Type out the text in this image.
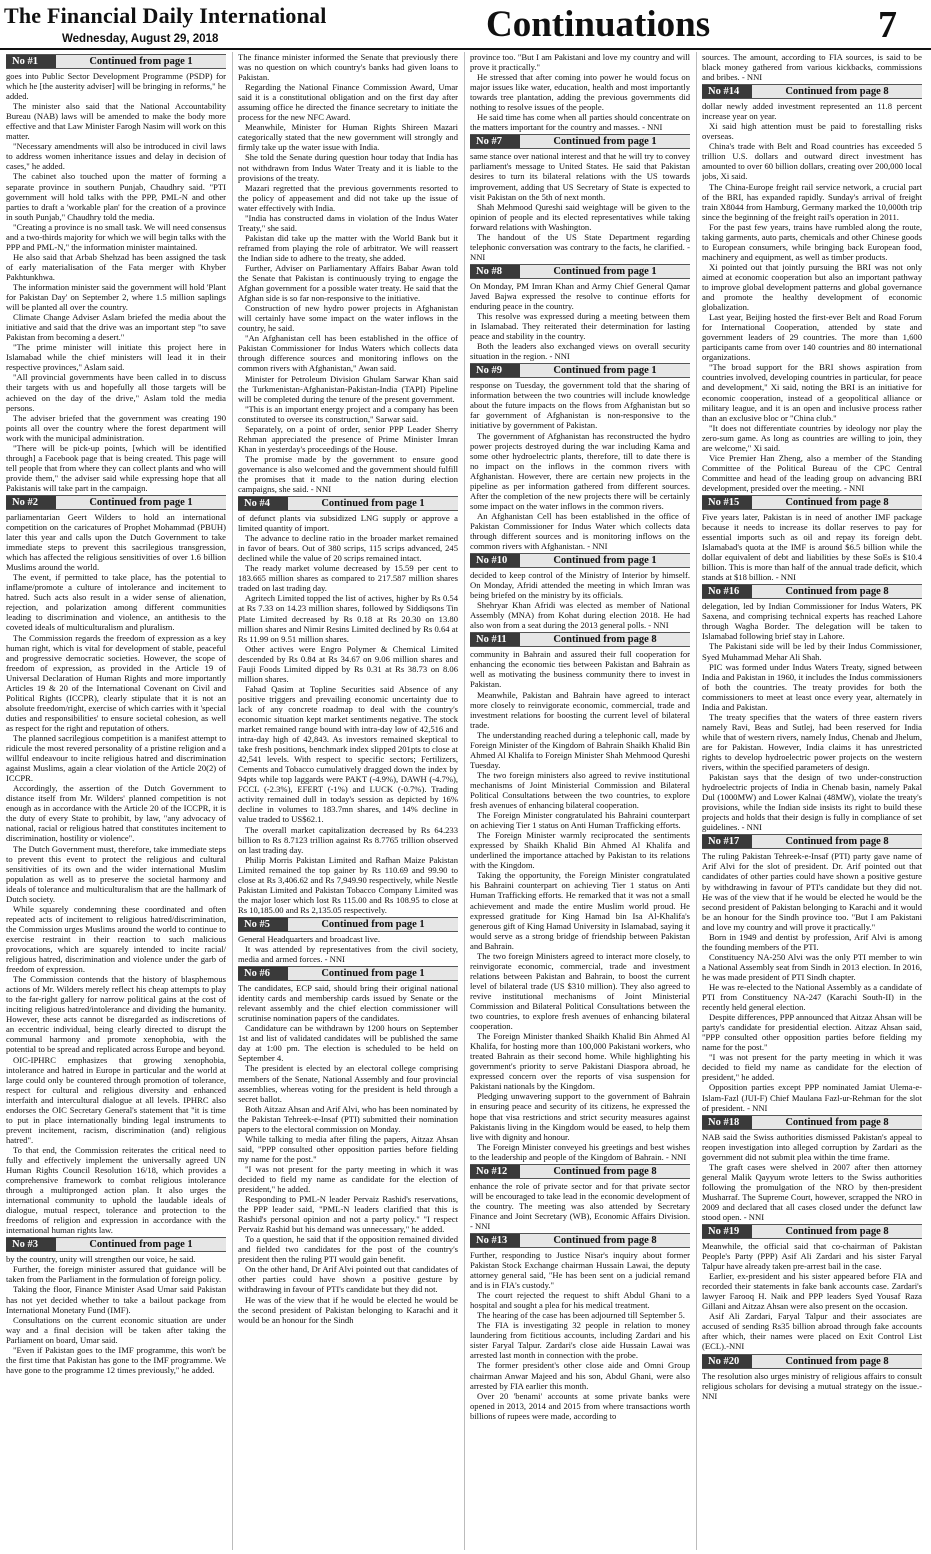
The Financial Daily International
Wednesday, August 29, 2018	Continuations	7
No #1	Continued from page 1

goes into Public Sector Development Programme (PSDP) for which he [the austerity adviser] will be bringing in reforms," he added.

The minister also said that the National Accountability Bureau (NAB) laws will be amended to make the body more effective and that Law Minister Farogh Nasim will work on this matter.

"Necessary amendments will also be introduced in civil laws to address women inheritance issues and delay in decision of cases," he added.

The cabinet also touched upon the matter of forming a separate province in southern Punjab, Chaudhry said. "PTI government will hold talks with the PPP, PML-N and other parties to draft a 'workable plan' for the creation of a province in south Punjab," Chaudhry told the media.

"Creating a province is no small task. We will need consensus and a two-thirds majority for which we will begin talks with the PPP and PML-N," the information minister maintained.

He also said that Arbab Shehzad has been assigned the task of early materialisation of the Fata merger with Khyber Pakhtunkhwa.

The information minister said the government will hold 'Plant for Pakistan Day' on September 2, where 1.5 million saplings will be planted all over the country.

Climate Change Adviser Aslam briefed the media about the initiative and said that the drive was an important step "to save Pakistan from becoming a desert."

"The prime minister will initiate this project here in Islamabad while the chief ministers will lead it in their respective provinces," Aslam said.

"All provincial governments have been called in to discuss their targets with us and hopefully all those targets will be achieved on the day of the drive," Aslam told the media persons.

The adviser briefed that the government was creating 190 points all over the country where the forest department will work with the municipal administration.

"There will be pick-up points, [which will be identified through] a Facebook page that is being created. This page will tell people that from where they can collect plants and who will provide them," the adviser said while expressing hope that all Pakistanis will take part in the campaign.

No #2	Continued from page 1

parliamentarian Geert Wilders to hold an international competition on the caricatures of Prophet Mohammad (PBUH) later this year and calls upon the Dutch Government to take immediate steps to prevent this sacrilegious transgression, which has affected the religious sensitivities of over 1.6 billion Muslims around the world.

The event, if permitted to take place, has the potential to inflame/promote a culture of intolerance and incitement to hatred. Such acts also result in a wider sense of alienation, rejection, and polarization among different communities leading to discrimination and violence, an antithesis to the coveted ideals of multiculturalism and pluralism.

The Commission regards the freedom of expression as a key human right, which is vital for development of stable, peaceful and progressive democratic societies. However, the scope of freedom of expression, as provided in the Article 19 of Universal Declaration of Human Rights and more importantly Articles 19 & 20 of the International Covenant on Civil and Political Rights (ICCPR), clearly stipulate that it is not an absolute freedom/right, exercise of which carries with it 'special duties and responsibilities' to ensure societal cohesion, as well as respect for the right and reputation of others.

The planned sacrilegious competition is a manifest attempt to ridicule the most revered personality of a pristine religion and a willful endeavour to incite religious hatred and discrimination against Muslims, again a clear violation of the Article 20(2) of ICCPR.

Accordingly, the assertion of the Dutch Government to distance itself from Mr. Wilders' planned competition is not enough as in accordance with the Article 20 of the ICCPR, it is the duty of every State to prohibit, by law, "any advocacy of national, racial or religious hatred that constitutes incitement to discrimination, hostility or violence".

The Dutch Government must, therefore, take immediate steps to prevent this event to protect the religious and cultural sensitivities of its own and the wider international Muslim population as well as to preserve the societal harmony and ideals of tolerance and multiculturalism that are the hallmark of Dutch society.

While squarely condemning these coordinated and often repeated acts of incitement to religious hatred/discrimination, the Commission urges Muslims around the world to continue to exercise restraint in their reaction to such malicious provocations, which are squarely intended to incite racial/ religious hatred, discrimination and violence under the garb of freedom of expression.

The Commission contends that the history of blasphemous actions of Mr. Wilders merely reflect his cheap attempts to play to the far-right gallery for narrow political gains at the cost of inciting religious hatred/intolerance and dividing the humanity. However, these acts cannot be disregarded as indiscretions of an eccentric individual, being clearly directed to disrupt the communal harmony and promote xenophobia, with the potential to be spread and replicated across Europe and beyond.

OIC-IPHRC emphasizes that growing xenophobia, intolerance and hatred in Europe in particular and the world at large could only be countered through promotion of tolerance, respect for cultural and religious diversity and enhanced interfaith and intercultural dialogue at all levels. IPHRC also endorses the OIC Secretary General's statement that "it is time to put in place internationally binding legal instruments to prevent incitement, racism, discrimination (and) religious hatred".

To that end, the Commission reiterates the critical need to fully and effectively implement the universally agreed UN Human Rights Council Resolution 16/18, which provides a comprehensive framework to combat religious intolerance through a multipronged action plan. It also urges the international community to uphold the laudable ideals of dialogue, mutual respect, tolerance and protection to the freedoms of religion and expression in accordance with the international human rights law.

No #3	Continued from page 1

by the country, unity will strengthen our voice, he said.

Further, the foreign minister assured that guidance will be taken from the Parliament in the formulation of foreign policy.

Taking the floor, Finance Minister Asad Umar said Pakistan has not yet decided whether to take a bailout package from International Monetary Fund (IMF).

Consultations on the current economic situation are under way and a final decision will be taken after taking the Parliament on board, Umar said.

"Even if Pakistan goes to the IMF programme, this won't be the first time that Pakistan has gone to the IMF programme. We have gone to the programme 12 times previously," he added.

The finance minister informed the Senate that previously there was no question on which country's banks had given loans to Pakistan.

Regarding the National Finance Commission Award, Umar said it is a constitutional obligation and on the first day after assuming office he directed the finance secretary to initiate the process for the new NFC Award.

Meanwhile, Minister for Human Rights Shireen Mazari categorically stated that the new government will strongly and firmly take up the water issue with India.

She told the Senate during question hour today that India has not withdrawn from Indus Water Treaty and it is liable to the provisions of the treaty.

Mazari regretted that the previous governments resorted to the policy of appeasement and did not take up the issue of water effectively with India.

"India has constructed dams in violation of the Indus Water Treaty," she said.

Pakistan did take up the matter with the World Bank but it reframed from playing the role of arbitrator. We will reassert the Indian side to adhere to the treaty, she added.

Further, Adviser on Parliamentary Affairs Babar Awan told the Senate that Pakistan is continuously trying to engage the Afghan government for a possible water treaty. He said that the Afghan side is so far non-responsive to the initiative.

Construction of new hydro power projects in Afghanistan will certainly have some impact on the water inflows in the country, he said.

"An Afghanistan cell has been established in the office of Pakistan Commissioner for Indus Waters which collects data through difference sources and monitoring inflows on the common rivers with Afghanistan," Awan said.

Minister for Petroleum Division Ghulam Sarwar Khan said the Turkmenistan-Afghanistan-Pakistan-India (TAPI) Pipeline will be completed during the tenure of the present government.

"This is an important energy project and a company has been constituted to oversee its construction," Sarwar said.

Separately, on a point of order, senior PPP Leader Sherry Rehman appreciated the presence of Prime Minister Imran Khan in yesterday's proceedings of the House.

The promise made by the government to ensure good governance is also welcomed and the government should fulfill the promises that it made to the nation during election campaigns, she said. - NNI

No #4	Continued from page 1

of defunct plants via subsidized LNG supply or approve a limited quantity of import.

The advance to decline ratio in the broader market remained in favor of bears. Out of 380 scrips, 115 scrips advanced, 245 declined while the value of 20 scrips remained intact.

The ready market volume decreased by 15.59 per cent to 183.665 million shares as compared to 217.587 million shares traded on last trading day.

Agritech Limited topped the list of actives, higher by Rs 0.54 at Rs 7.33 on 14.23 million shares, followed by Siddiqsons Tin Plate Limited decreased by Rs 0.18 at Rs 20.30 on 13.80 million shares and Nimir Resins Limited declined by Rs 0.64 at Rs 11.99 on 9.51 million shares.

Other actives were Engro Polymer & Chemical Limited descended by Rs 0.84 at Rs 34.67 on 9.06 million shares and Fauji Foods Limited dipped by Rs 0.31 at Rs 38.73 on 8.06 million shares.

Fahad Qasim at Topline Securities said Absence of any positive triggers and prevailing economic uncertainty due to lack of any concrete roadmap to deal with the country's economic situation kept market sentiments negative. The stock market remained range bound with intra-day low of 42,516 and intra-day high of 42,843. As investors remained skeptical to take fresh positions, benchmark index slipped 201pts to close at 42,541 levels. With respect to specific sectors; Fertilizers, Cements and Tobacco cumulatively dragged down the index by 94pts while top laggards were PAKT (-4.9%), DAWH (-4.7%), FCCL (-2.3%), EFERT (-1%) and LUCK (-0.7%). Trading activity remained dull in today's session as depicted by 16% decline in volumes to 183.7mn shares, and 14% decline in value traded to US$62.1.

The overall market capitalization decreased by Rs 64.233 billion to Rs 8.7123 trillion against Rs 8.7765 trillion observed on last trading day.

Philip Morris Pakistan Limited and Rafhan Maize Pakistan Limited remained the top gainer by Rs 110.69 and 99.90 to close at Rs 3,406.62 and Rs 7,949.90 respectively, while Nestle Pakistan Limited and Pakistan Tobacco Company Limited was the major loser which lost Rs 115.00 and Rs 108.95 to close at Rs 10,185.00 and Rs 2,135.05 respectively.

No #5	Continued from page 1

General Headquarters and broadcast live.

It was attended by representatives from the civil society, media and armed forces. - NNI

No #6	Continued from page 1

The candidates, ECP said, should bring their original national identity cards and membership cards issued by Senate or the relevant assembly and the chief election commissioner will scrutinise nomination papers of the candidates.

Candidature can be withdrawn by 1200 hours on September 1st and list of validated candidates will be published the same day at 1:00 pm. The election is scheduled to be held on September 4.

The president is elected by an electoral college comprising members of the Senate, National Assembly and four provincial assemblies, whereas voting for the president is held through a secret ballot.

Both Aitzaz Ahsan and Arif Alvi, who has been nominated by the Pakistan Tehreek-e-Insaf (PTI) submitted their nomination papers to the electoral commission on Monday.

While talking to media after filing the papers, Aitzaz Ahsan said, "PPP consulted other opposition parties before fielding my name for the post."

"I was not present for the party meeting in which it was decided to field my name as candidate for the election of president," he added.

Responding to PML-N leader Pervaiz Rashid's reservations, the PPP leader said, "PML-N leaders clarified that this is Rashid's personal opinion and not a party policy." "I respect Pervaiz Rashid but his demand was unnecessary," he added.

To a question, he said that if the opposition remained divided and fielded two candidates for the post of the country's president then the ruling PTI would gain benefit.

On the other hand, Dr Arif Alvi pointed out that candidates of other parties could have shown a positive gesture by withdrawing in favour of PTI's candidate but they did not.

He was of the view that if he would be elected he would be the second president of Pakistan belonging to Karachi and it would be an honour for the Sindh

province too. "But I am Pakistani and love my country and will prove it practically."

He stressed that after coming into power he would focus on major issues like water, education, health and most importantly towards tree plantation, adding the previous governments did nothing to resolve issues of the people.

He said time has come when all parties should concentrate on the matters important for the country and masses. - NNI

No #7	Continued from page 1

same stance over national interest and that he will try to convey parliament's message to United States. He said that Pakistan desires to turn its bilateral relations with the US towards improvement, adding that US Secretary of State is expected to visit Pakistan on the 5th of next month.

Shah Mehmood Qureshi said weightage will be given to the opinion of people and its elected representatives while taking forward relations with Washington.

The handout of the US State Department regarding telephonic conversation was contrary to the facts, he clarified. - NNI

No #8	Continued from page 1

On Monday, PM Imran Khan and Army Chief General Qamar Javed Bajwa expressed the resolve to continue efforts for enduring peace in the country.

This resolve was expressed during a meeting between them in Islamabad. They reiterated their determination for lasting peace and stability in the country.

Both the leaders also exchanged views on overall security situation in the region. - NNI

No #9	Continued from page 1

response on Tuesday, the government told that the sharing of information between the two countries will include knowledge about the future impacts on the flows from Afghanistan but so far government of Afghanistan is non-responsive to the initiative by government of Pakistan.

The government of Afghanistan has reconstructed the hydro power projects destroyed during the war including Kama and some other hydroelectric plants, therefore, till to date there is no impact on the inflows in the common rivers with Afghanistan. However, there are certain new projects in the pipeline as per information gathered from different sources. After the completion of the new projects there will be certainly some impact on the water inflows in the common rivers.

An Afghanistan Cell has been established in the office of Pakistan Commissioner for Indus Water which collects data through different sources and is monitoring inflows on the common rivers with Afghanistan. - NNI

No #10	Continued from page 1

decided to keep control of the Ministry of Interior by himself. On Monday, Afridi attended the meeting in which Imran was being briefed on the ministry by its officials.

Shehryar Khan Afridi was elected as member of National Assembly (MNA) from Kohat during election 2018. He had also won from a seat during the 2013 general polls. - NNI

No #11	Continued from page 8

community in Bahrain and assured their full cooperation for enhancing the economic ties between Pakistan and Bahrain as well as motivating the business community there to invest in Pakistan.

Meanwhile, Pakistan and Bahrain have agreed to interact more closely to reinvigorate economic, commercial, trade and investment relations for boosting the current level of bilateral trade.

The understanding reached during a telephonic call, made by Foreign Minister of the Kingdom of Bahrain Shaikh Khalid Bin Ahmed Al Khalifa to Foreign Minister Shah Mehmood Qureshi Tuesday.

The two foreign ministers also agreed to revive institutional mechanisms of Joint Ministerial Commission and Bilateral Political Consultations between the two countries, to explore fresh avenues of enhancing bilateral cooperation.

The Foreign Minister congratulated his Bahraini counterpart on achieving Tier 1 status on Anti Human Trafficking efforts.

The Foreign Minister warmly reciprocated the sentiments expressed by Shaikh Khalid Bin Ahmed Al Khalifa and underlined the importance attached by Pakistan to its relations with the Kingdom.

Taking the opportunity, the Foreign Minister congratulated his Bahraini counterpart on achieving Tier 1 status on Anti Human Trafficking efforts. He remarked that it was not a small achievement and made the entire Muslim world proud. He expressed gratitude for King Hamad bin Isa Al-Khalifa's generous gift of King Hamad University in Islamabad, saying it would serve as a strong bridge of friendship between Pakistan and Bahrain.

The two foreign Ministers agreed to interact more closely, to reinvigorate economic, commercial, trade and investment relations between Pakistan and Bahrain, to boost the current level of bilateral trade (US $310 million). They also agreed to revive institutional mechanisms of Joint Ministerial Commission and Bilateral Political Consultations between the two countries, to explore fresh avenues of enhancing bilateral cooperation.

The Foreign Minister thanked Shaikh Khalid Bin Ahmed Al Khalifa, for hosting more than 100,000 Pakistani workers, who treated Bahrain as their second home. While highlighting his government's priority to serve Pakistani Diaspora abroad, he expressed concern over the reports of visa suspension for Pakistani nationals by the Kingdom.

Pledging unwavering support to the government of Bahrain in ensuring peace and security of its citizens, he expressed the hope that visa restrictions and strict security measures against Pakistanis living in the Kingdom would be eased, to help them live with dignity and honour.

The Foreign Minister conveyed his greetings and best wishes to the leadership and people of the Kingdom of Bahrain. - NNI

No #12	Continued from page 8

enhance the role of private sector and for that private sector will be encouraged to take lead in the economic development of the country. The meeting was also attended by Secretary Finance and Joint Secretary (WB), Economic Affairs Division. - NNI

No #13	Continued from page 8

Further, responding to Justice Nisar's inquiry about former Pakistan Stock Exchange chairman Hussain Lawai, the deputy attorney general said, "He has been sent on a judicial remand and is in FIA's custody."

The court rejected the request to shift Abdul Ghani to a hospital and sought a plea for his medical treatment.

The hearing of the case has been adjourned till September 5.

The FIA is investigating 32 people in relation to money laundering from fictitious accounts, including Zardari and his sister Faryal Talpur. Zardari's close aide Hussain Lawai was arrested last month in connection with the probe.

The former president's other close aide and Omni Group chairman Anwar Majeed and his son, Abdul Ghani, were also arrested by FIA earlier this month.

Over 20 'benami' accounts at some private banks were opened in 2013, 2014 and 2015 from where transactions worth billions of rupees were made, according to

sources. The amount, according to FIA sources, is said to be black money gathered from various kickbacks, commissions and bribes. - NNI

No #14	Continued from page 8

dollar newly added investment represented an 11.8 percent increase year on year.

Xi said high attention must be paid to forestalling risks overseas.

China's trade with Belt and Road countries has exceeded 5 trillion U.S. dollars and outward direct investment has amounted to over 60 billion dollars, creating over 200,000 local jobs, Xi said.

The China-Europe freight rail service network, a crucial part of the BRI, has expanded rapidly. Sunday's arrival of freight train X8044 from Hamburg, Germany marked the 10,000th trip since the beginning of the freight rail's operation in 2011.

For the past few years, trains have rumbled along the route, taking garments, auto parts, chemicals and other Chinese goods to European consumers, while bringing back European food, machinery and equipment, as well as timber products.

Xi pointed out that jointly pursuing the BRI was not only aimed at economic cooperation but also an important pathway to improve global development patterns and global governance and promote the healthy development of economic globalization.

Last year, Beijing hosted the first-ever Belt and Road Forum for International Cooperation, attended by state and government leaders of 29 countries. The more than 1,600 participants came from over 140 countries and 80 international organizations.

"The broad support for the BRI shows aspiration from countries involved, developing countries in particular, for peace and development," Xi said, noting the BRI is an initiative for economic cooperation, instead of a geopolitical alliance or military league, and it is an open and inclusive process rather than an exclusive bloc or "China club."

"It does not differentiate countries by ideology nor play the zero-sum game. As long as countries are willing to join, they are welcome," Xi said.

Vice Premier Han Zheng, also a member of the Standing Committee of the Political Bureau of the CPC Central Committee and head of the leading group on advancing BRI development, presided over the meeting. - NNI

No #15	Continued from page 8

Five years later, Pakistan is in need of another IMF package because it needs to increase its dollar reserves to pay for essential imports such as oil and repay its foreign debt. Islamabad's quota at the IMF is around $6.5 billion while the dollar equivalent of debt and liabilities by these SoEs is $10.4 billion. This is more than half of the annual trade deficit, which stands at $18 billion. - NNI

No #16	Continued from page 8

delegation, led by Indian Commissioner for Indus Waters, PK Saxena, and comprising technical experts has reached Lahore through Wagha Border. The delegation will be taken to Islamabad following brief stay in Lahore.

The Pakistani side will be led by their Indus Commissioner, Syed Muhammad Mehar Ali Shah.

PIC was formed under Indus Waters Treaty, signed between India and Pakistan in 1960, it includes the Indus commissioners of both the countries. The treaty provides for both the commissioners to meet at least once every year, alternately in India and Pakistan.

The treaty specifies that the waters of three eastern rivers namely Ravi, Beas and Sutlej, had been reserved for India while that of western rivers, namely Indus, Chenab and Jhelum, are for Pakistan. However, India claims it has unrestricted rights to develop hydroelectric power projects on the western rivers, within the specified parameters of design.

Pakistan says that the design of two under-construction hydroelectric projects of India in Chenab basin, namely Pakal Dul (1000MW) and Lower Kalnai (48MW), violate the treaty's provisions, while the Indian side insists its right to build these projects and holds that their design is fully in compliance of set guidelines. - NNI

No #17	Continued from page 8

The ruling Pakistan Tehreek-e-Insaf (PTI) party gave name of Arif Alvi for the slot of president. Dr. Arif pointed out that candidates of other parties could have shown a positive gesture by withdrawing in favour of PTI's candidate but they did not. He was of the view that if he would be elected he would be the second president of Pakistan belonging to Karachi and it would be an honour for the Sindh province too. "But I am Pakistani and love my country and will prove it practically."

Born in 1949 and dentist by profession, Arif Alvi is among the founding members of the PTI.

Constituency NA-250 Alvi was the only PTI member to win a National Assembly seat from Sindh in 2013 election. In 2016, he was made president of PTI Sindh chapter.

He was re-elected to the National Assembly as a candidate of PTI from Constituency NA-247 (Karachi South-II) in the recently held general election.

Despite differences, PPP announced that Aitzaz Ahsan will be party's candidate for presidential election. Aitzaz Ahsan said, "PPP consulted other opposition parties before fielding my name for the post."

"I was not present for the party meeting in which it was decided to field my name as candidate for the election of president," he added.

Opposition parties except PPP nominated Jamiat Ulema-e-Islam-Fazl (JUI-F) Chief Maulana Fazl-ur-Rehman for the slot of president. - NNI

No #18	Continued from page 8

NAB said the Swiss authorities dismissed Pakistan's appeal to reopen investigation into alleged corruption by Zardari as the government did not submit plea within the time frame.

The graft cases were shelved in 2007 after then attorney general Malik Qayyum wrote letters to the Swiss authorities following the promulgation of the NRO by then-president Musharraf. The Supreme Court, however, scrapped the NRO in 2009 and declared that all cases closed under the defunct law stood open. - NNI

No #19	Continued from page 8

Meanwhile, the official said that co-chairman of Pakistan People's Party (PPP) Asif Ali Zardari and his sister Faryal Talpur have already taken pre-arrest bail in the case.

Earlier, ex-president and his sister appeared before FIA and recorded their statements in fake bank accounts case. Zardari's lawyer Farooq H. Naik and PPP leaders Syed Yousaf Raza Gillani and Aitzaz Ahsan were also present on the occasion.

Asif Ali Zardari, Faryal Talpur and their associates are accused of sending Rs35 billion abroad through fake accounts after which, their names were placed on Exit Control List (ECL).-NNI

No #20	Continued from page 8

The resolution also urges ministry of religious affairs to consult religious scholars for devising a mutual strategy on the issue.-NNI
